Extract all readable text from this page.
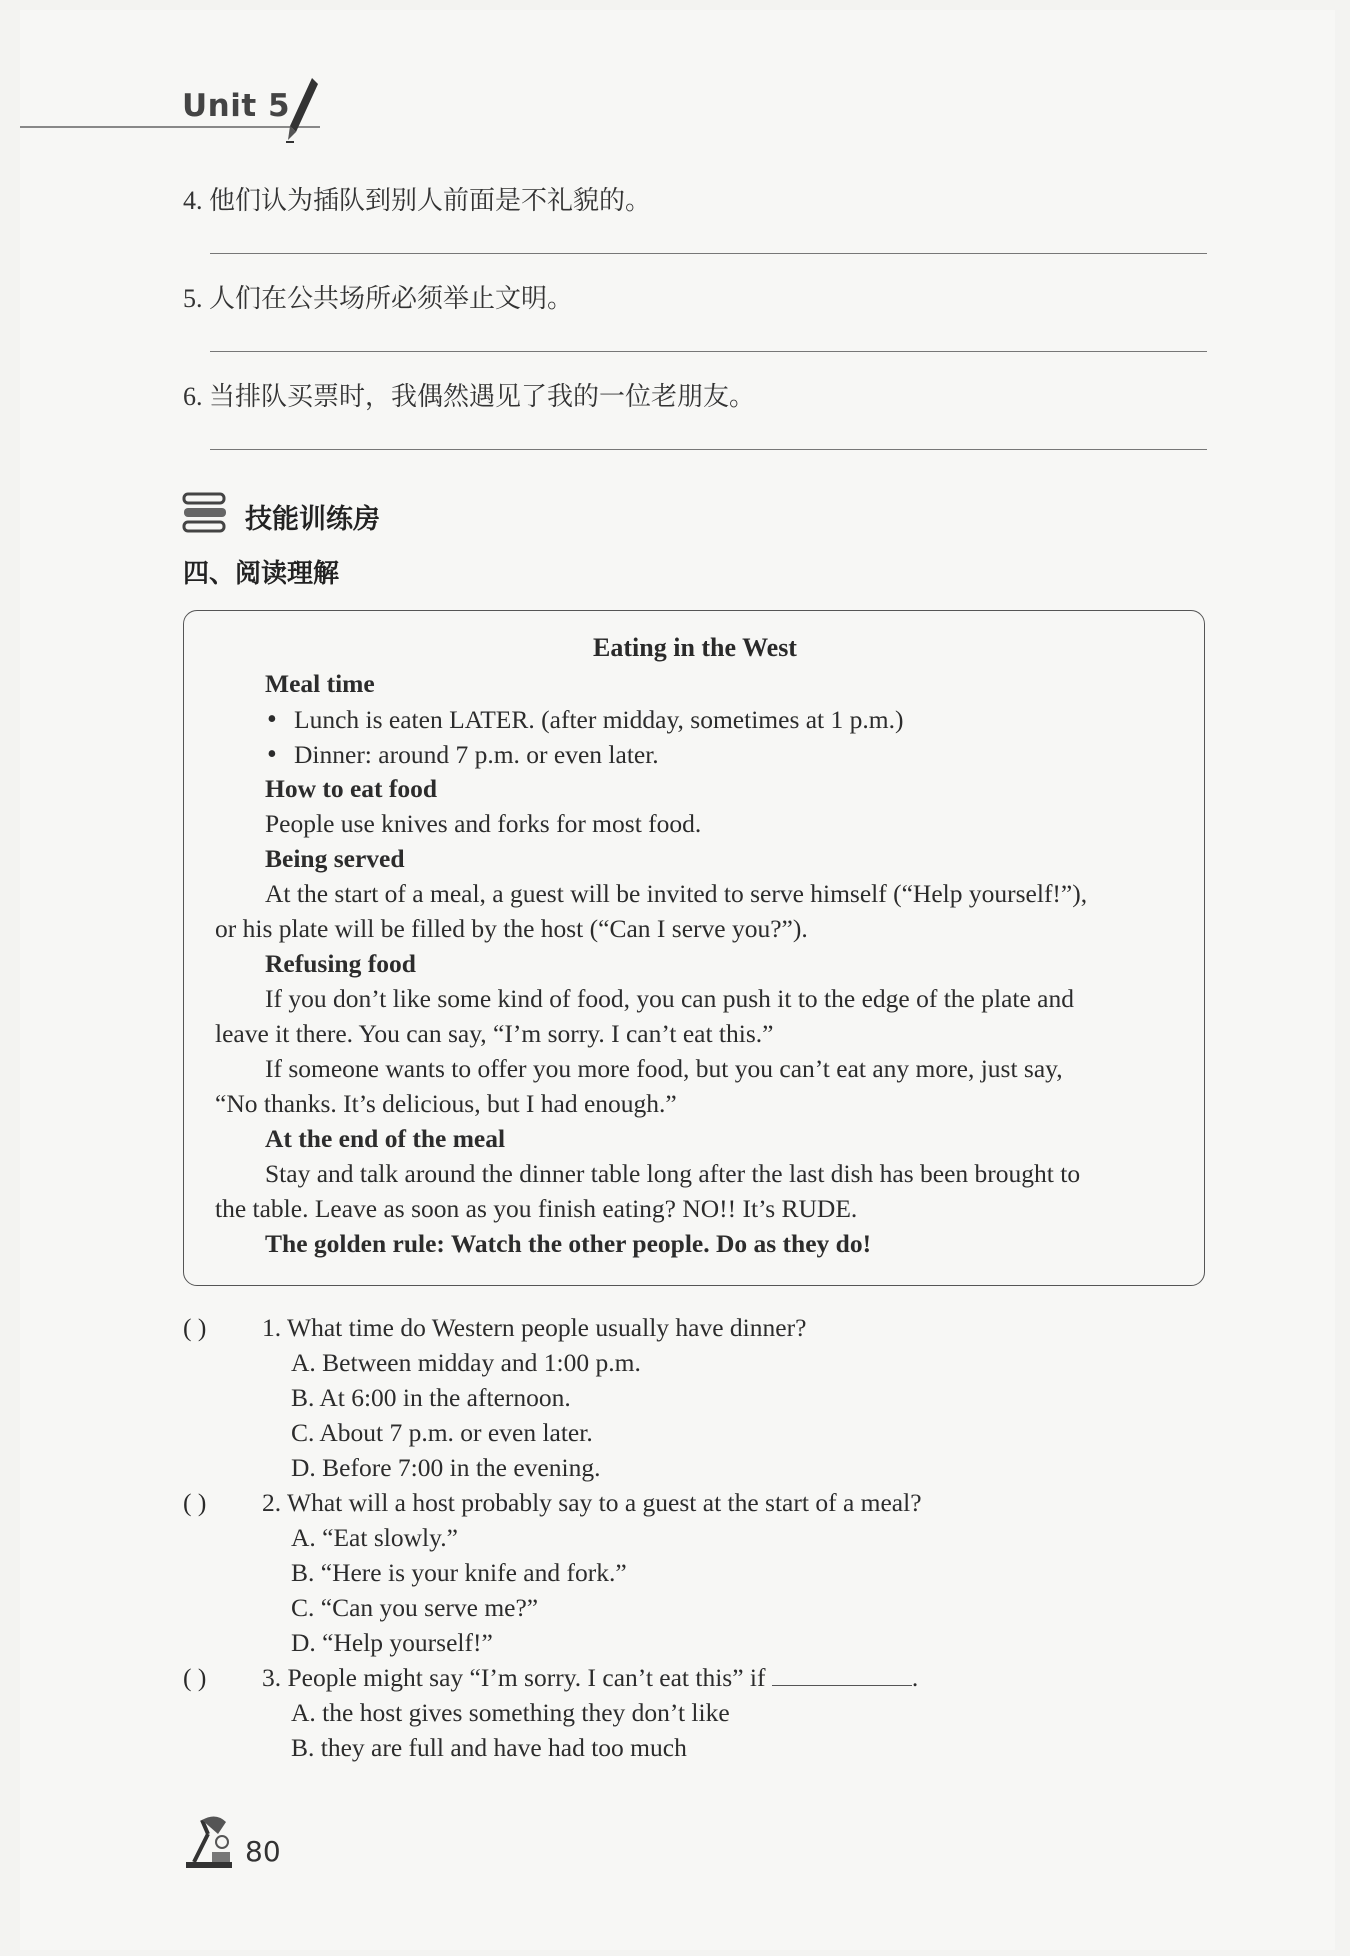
Unit 5
4. 他们认为插队到别人前面是不礼貌的。
5. 人们在公共场所必须举止文明。
6. 当排队买票时，我偶然遇见了我的一位老朋友。
技能训练房
四、阅读理解
Eating in the West
Meal time
• Lunch is eaten LATER. (after midday, sometimes at 1 p.m.)
• Dinner: around 7 p.m. or even later.
How to eat food
People use knives and forks for most food.
Being served
At the start of a meal, a guest will be invited to serve himself (“Help yourself!”),
or his plate will be filled by the host (“Can I serve you?”).
Refusing food
If you don’t like some kind of food, you can push it to the edge of the plate and
leave it there. You can say, “I’m sorry. I can’t eat this.”
If someone wants to offer you more food, but you can’t eat any more, just say,
“No thanks. It’s delicious, but I had enough.”
At the end of the meal
Stay and talk around the dinner table long after the last dish has been brought to
the table. Leave as soon as you finish eating? NO!! It’s RUDE.
The golden rule: Watch the other people. Do as they do!
( ) 1. What time do Western people usually have dinner?
A. Between midday and 1:00 p.m.
B. At 6:00 in the afternoon.
C. About 7 p.m. or even later.
D. Before 7:00 in the evening.
( ) 2. What will a host probably say to a guest at the start of a meal?
A. “Eat slowly.”
B. “Here is your knife and fork.”
C. “Can you serve me?”
D. “Help yourself!”
( ) 3. People might say “I’m sorry. I can’t eat this” if	.
A. the host gives something they don’t like
B. they are full and have had too much
80
